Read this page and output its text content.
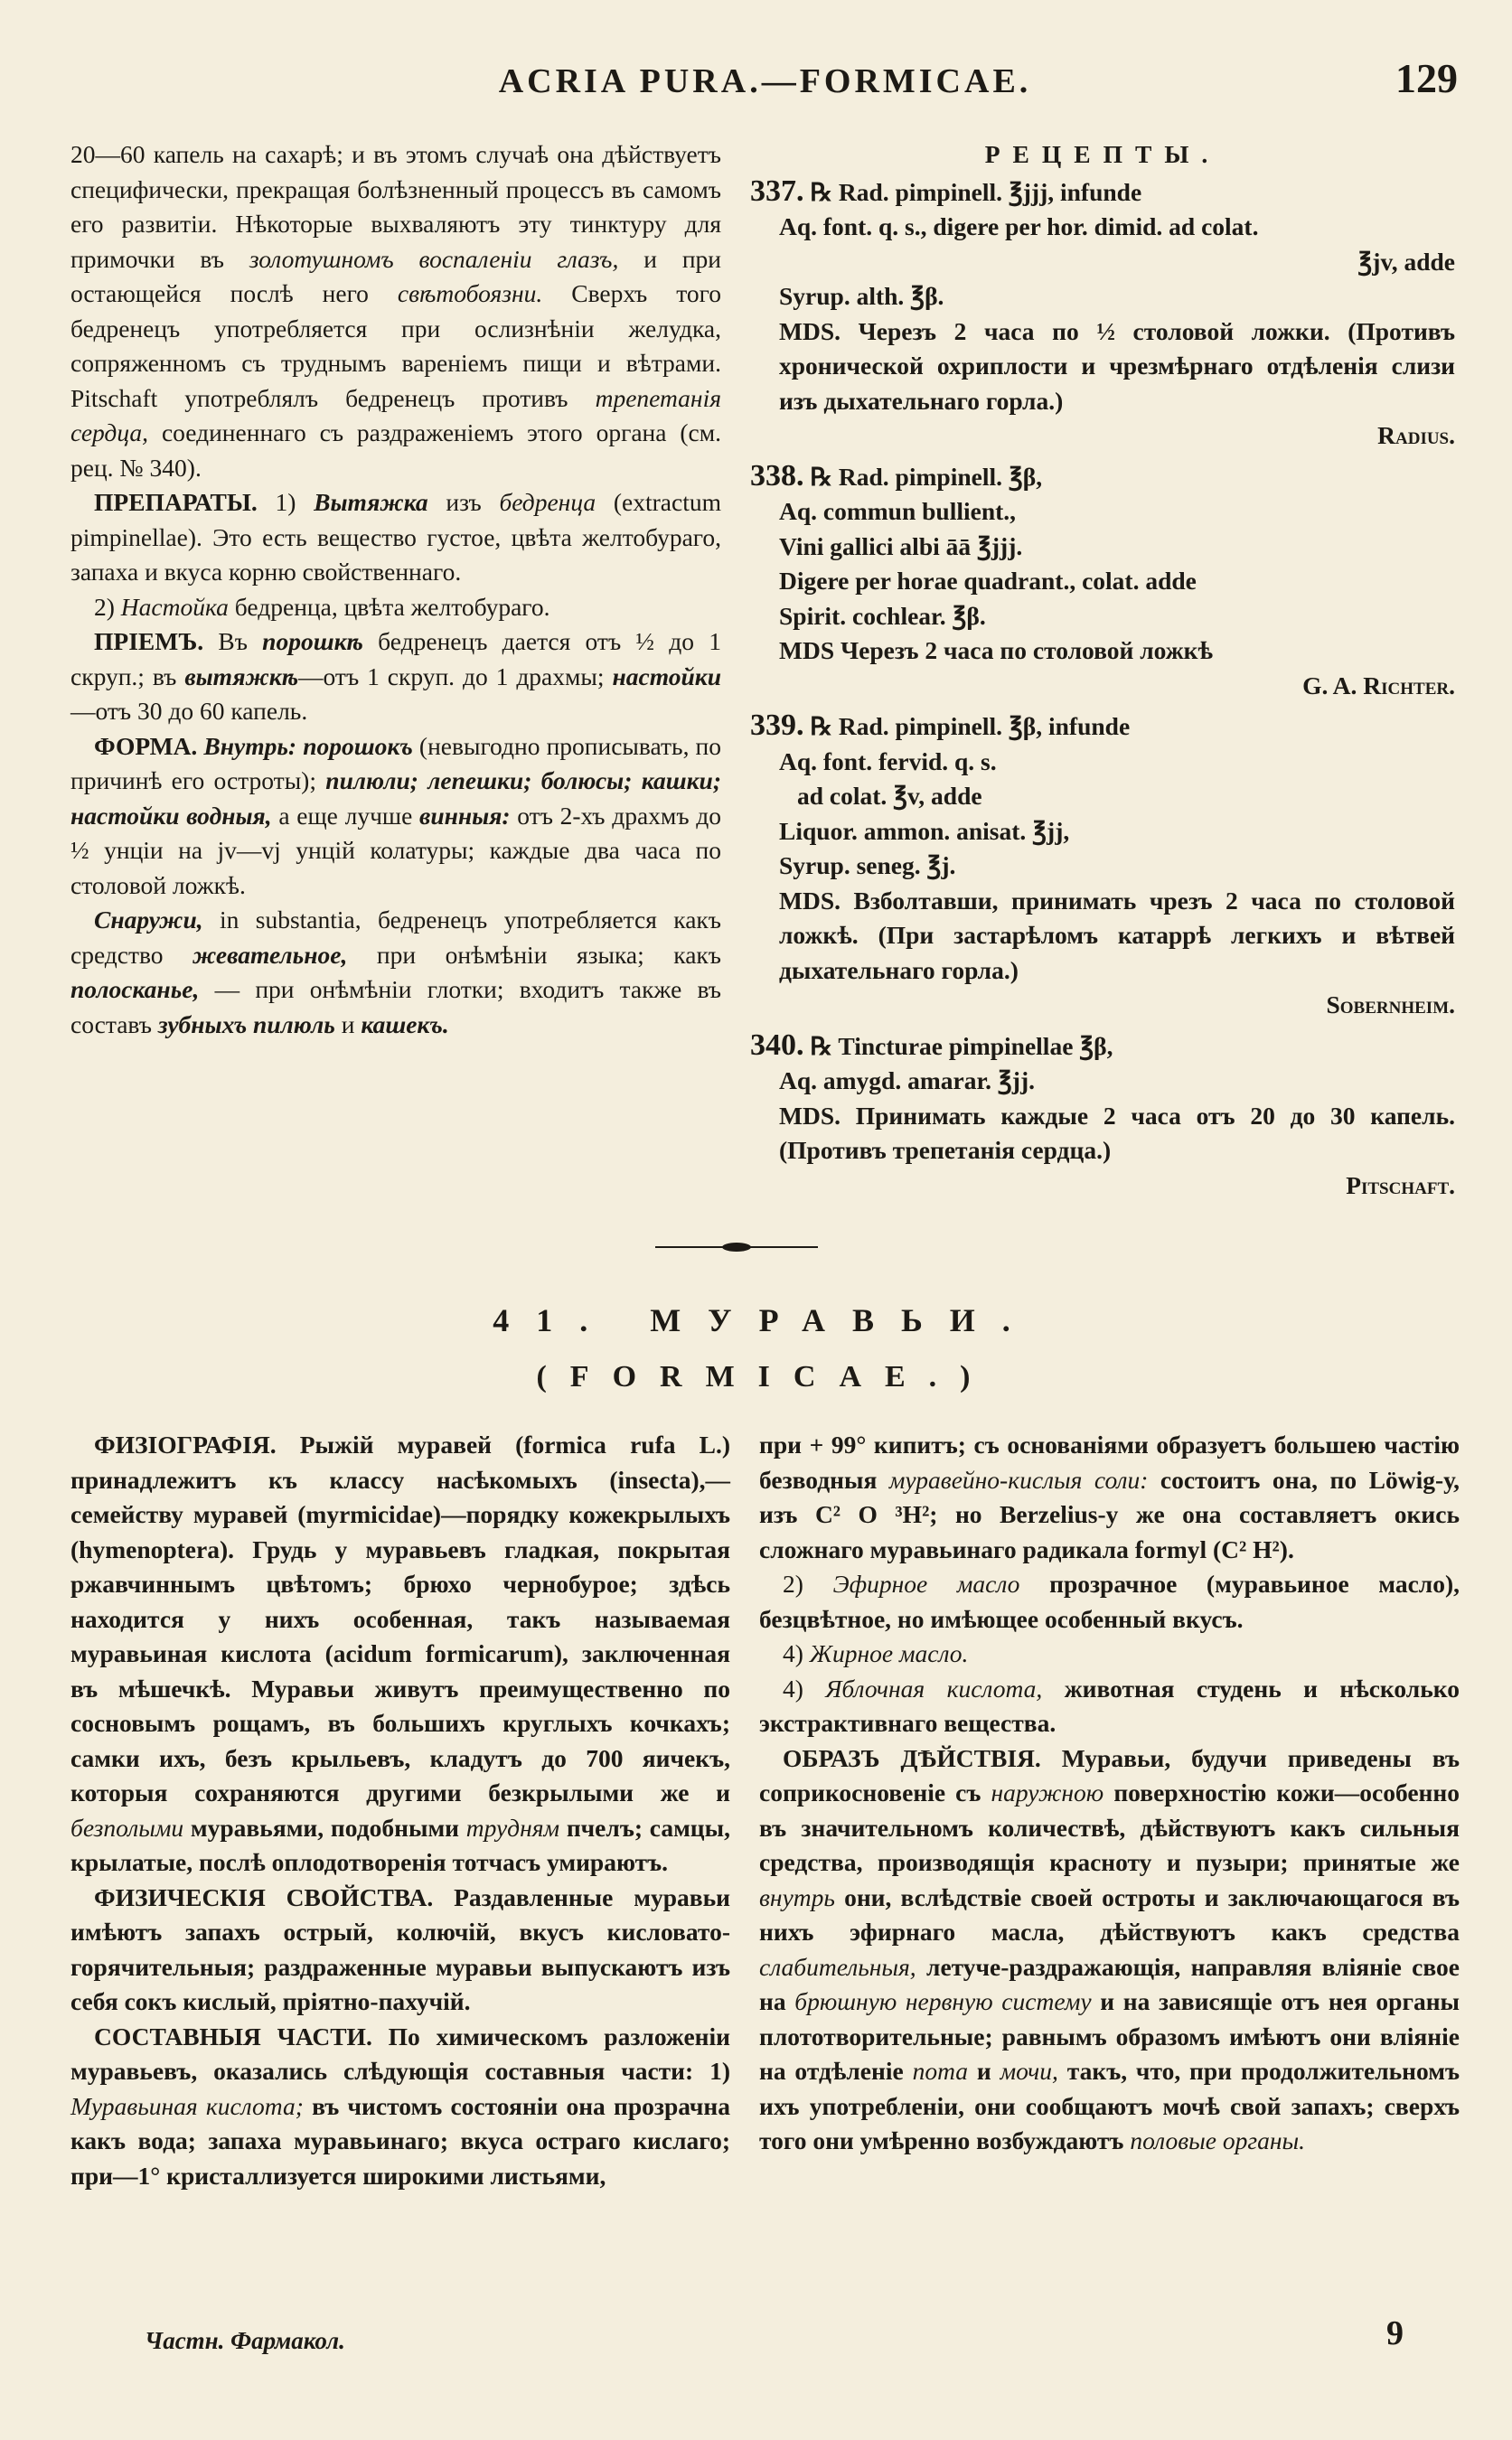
ACRIA PURA.—FORMICAE.	129

20—60 капель на сахарѣ; и въ этомъ случаѣ она дѣйствуетъ специфически, прекращая болѣзненный процессъ въ самомъ его развитіи. Нѣкоторые выхваляютъ эту тинктуру для примочки въ золотушномъ воспаленіи глазъ, и при остающейся послѣ него свѣтобоязни. Сверхъ того бедренецъ употребляется при ослизнѣніи желудка, сопряженномъ съ труднымъ вареніемъ пищи и вѣтрами. Pitschaft употреблялъ бедренецъ противъ трепетанія сердца, соединеннаго съ раздраженіемъ этого органа (см. рец. № 340).

ПРЕПАРАТЫ. 1) Вытяжка изъ бедренца (extractum pimpinellae). Это есть вещество густое, цвѣта желтобураго, запаха и вкуса корню свойственнаго.

2) Настойка бедренца, цвѣта желтобураго.

ПРІЕМЪ. Въ порошкѣ бедренецъ дается отъ ½ до 1 скруп.; въ вытяжкѣ—отъ 1 скруп. до 1 драхмы; настойки—отъ 30 до 60 капель.

ФОРМА. Внутрь: порошокъ (невыгодно прописывать, по причинѣ его остроты); пилюли; лепешки; болюсы; кашки; настойки водныя, а еще лучше винныя: отъ 2-хъ драхмъ до ½ унціи на jv—vj унцій колатуры; каждые два часа по столовой ложкѣ.

Снаружи, in substantia, бедренецъ употребляется какъ средство жевательное, при онѣмѣніи языка; какъ полосканье, — при онѣмѣніи глотки; входитъ также въ составъ зубныхъ пилюль и кашекъ.

РЕЦЕПТЫ.

337. ℞ Rad. pimpinell. ℥jjj, infunde
Aq. font. q. s., digere per hor. dimid. ad colat.
℥jv, adde
Syrup. alth. ℥β.

MDS. Черезъ 2 часа по ½ столовой ложки. (Противъ хронической охриплости и чрезмѣрнаго отдѣленія слизи изъ дыхательнаго горла.)

Radius.

338. ℞ Rad. pimpinell. ℥β,
Aq. commun bullient.,
Vini gallici albi āā ℥jjj.
Digere per horae quadrant., colat. adde
Spirit. cochlear. ℥β.
MDS Черезъ 2 часа по столовой ложкѣ

G. A. Richter.

339. ℞ Rad. pimpinell. ℥β, infunde
Aq. font. fervid. q. s.
ad colat. ℥v, adde
Liquor. ammon. anisat. ℥jj,
Syrup. seneg. ℥j.

MDS. Взболтавши, принимать чрезъ 2 часа по столовой ложкѣ. (При застарѣломъ катаррѣ легкихъ и вѣтвей дыхательнаго горла.)

Sobernheim.

340. ℞ Tincturae pimpinellae ℥β,
Aq. amygd. amarar. ℥jj.

MDS. Принимать каждые 2 часа отъ 20 до 30 капель. (Противъ трепетанія сердца.)

Pitschaft.

41. МУРАВЬИ.
(FORMICAE.)

ФИЗІОГРАФІЯ. Рыжій муравей (formica rufa L.) принадлежитъ къ классу насѣкомыхъ (insecta),—семейству муравей (myrmicidae)—порядку кожекрылыхъ (hymenoptera). Грудь у муравьевъ гладкая, покрытая ржавчиннымъ цвѣтомъ; брюхо чернобурое; здѣсь находится у нихъ особенная, такъ называемая муравьиная кислота (acidum formicarum), заключенная въ мѣшечкѣ. Муравьи живутъ преимущественно по сосновымъ рощамъ, въ большихъ круглыхъ кочкахъ; самки ихъ, безъ крыльевъ, кладутъ до 700 яичекъ, которыя сохраняются другими безкрылыми же и безполыми муравьями, подобными трудням пчелъ; самцы, крылатые, послѣ оплодотворенія тотчасъ умираютъ.

ФИЗИЧЕСКІЯ СВОЙСТВА. Раздавленные муравьи имѣютъ запахъ острый, колючій, вкусъ кисловато-горячительныя; раздраженные муравьи выпускаютъ изъ себя сокъ кислый, пріятно-пахучій.

СОСТАВНЫЯ ЧАСТИ. По химическомъ разложеніи муравьевъ, оказались слѣдующія составныя части: 1) Муравьиная кислота; въ чистомъ состояніи она прозрачна какъ вода; запаха муравьинаго; вкуса остраго кислаго; при—1° кристаллизуется широкими листьями,

при + 99° кипитъ; съ основаніями образуетъ большею частію безводныя муравейно-кислыя соли: состоитъ она, по Löwig-у, изъ C² O ³H²; но Berzelius-у же она составляетъ окись сложнаго муравьинаго радикала formyl (C² H²).

2) Эфирное масло прозрачное (муравьиное масло), безцвѣтное, но имѣющее особенный вкусъ.

4) Жирное масло.

4) Яблочная кислота, животная студень и нѣсколько экстрактивнаго вещества.

ОБРАЗЪ ДѢЙСТВІЯ. Муравьи, будучи приведены въ соприкосновеніе съ наружною поверхностію кожи—особенно въ значительномъ количествѣ, дѣйствуютъ какъ сильныя средства, производящія красноту и пузыри; принятые же внутрь они, вслѣдствіе своей остроты и заключающагося въ нихъ эфирнаго масла, дѣйствуютъ какъ средства слабительныя, летуче-раздражающія, направляя вліяніе свое на брюшную нервную систему и на зависящіе отъ нея органы плототворительные; равнымъ образомъ имѣютъ они вліяніе на отдѣленіе пота и мочи, такъ, что, при продолжительномъ ихъ употребленіи, они сообщаютъ мочѣ свой запахъ; сверхъ того они умѣренно возбуждаютъ половые органы.

Частн. Фармакол.	9
